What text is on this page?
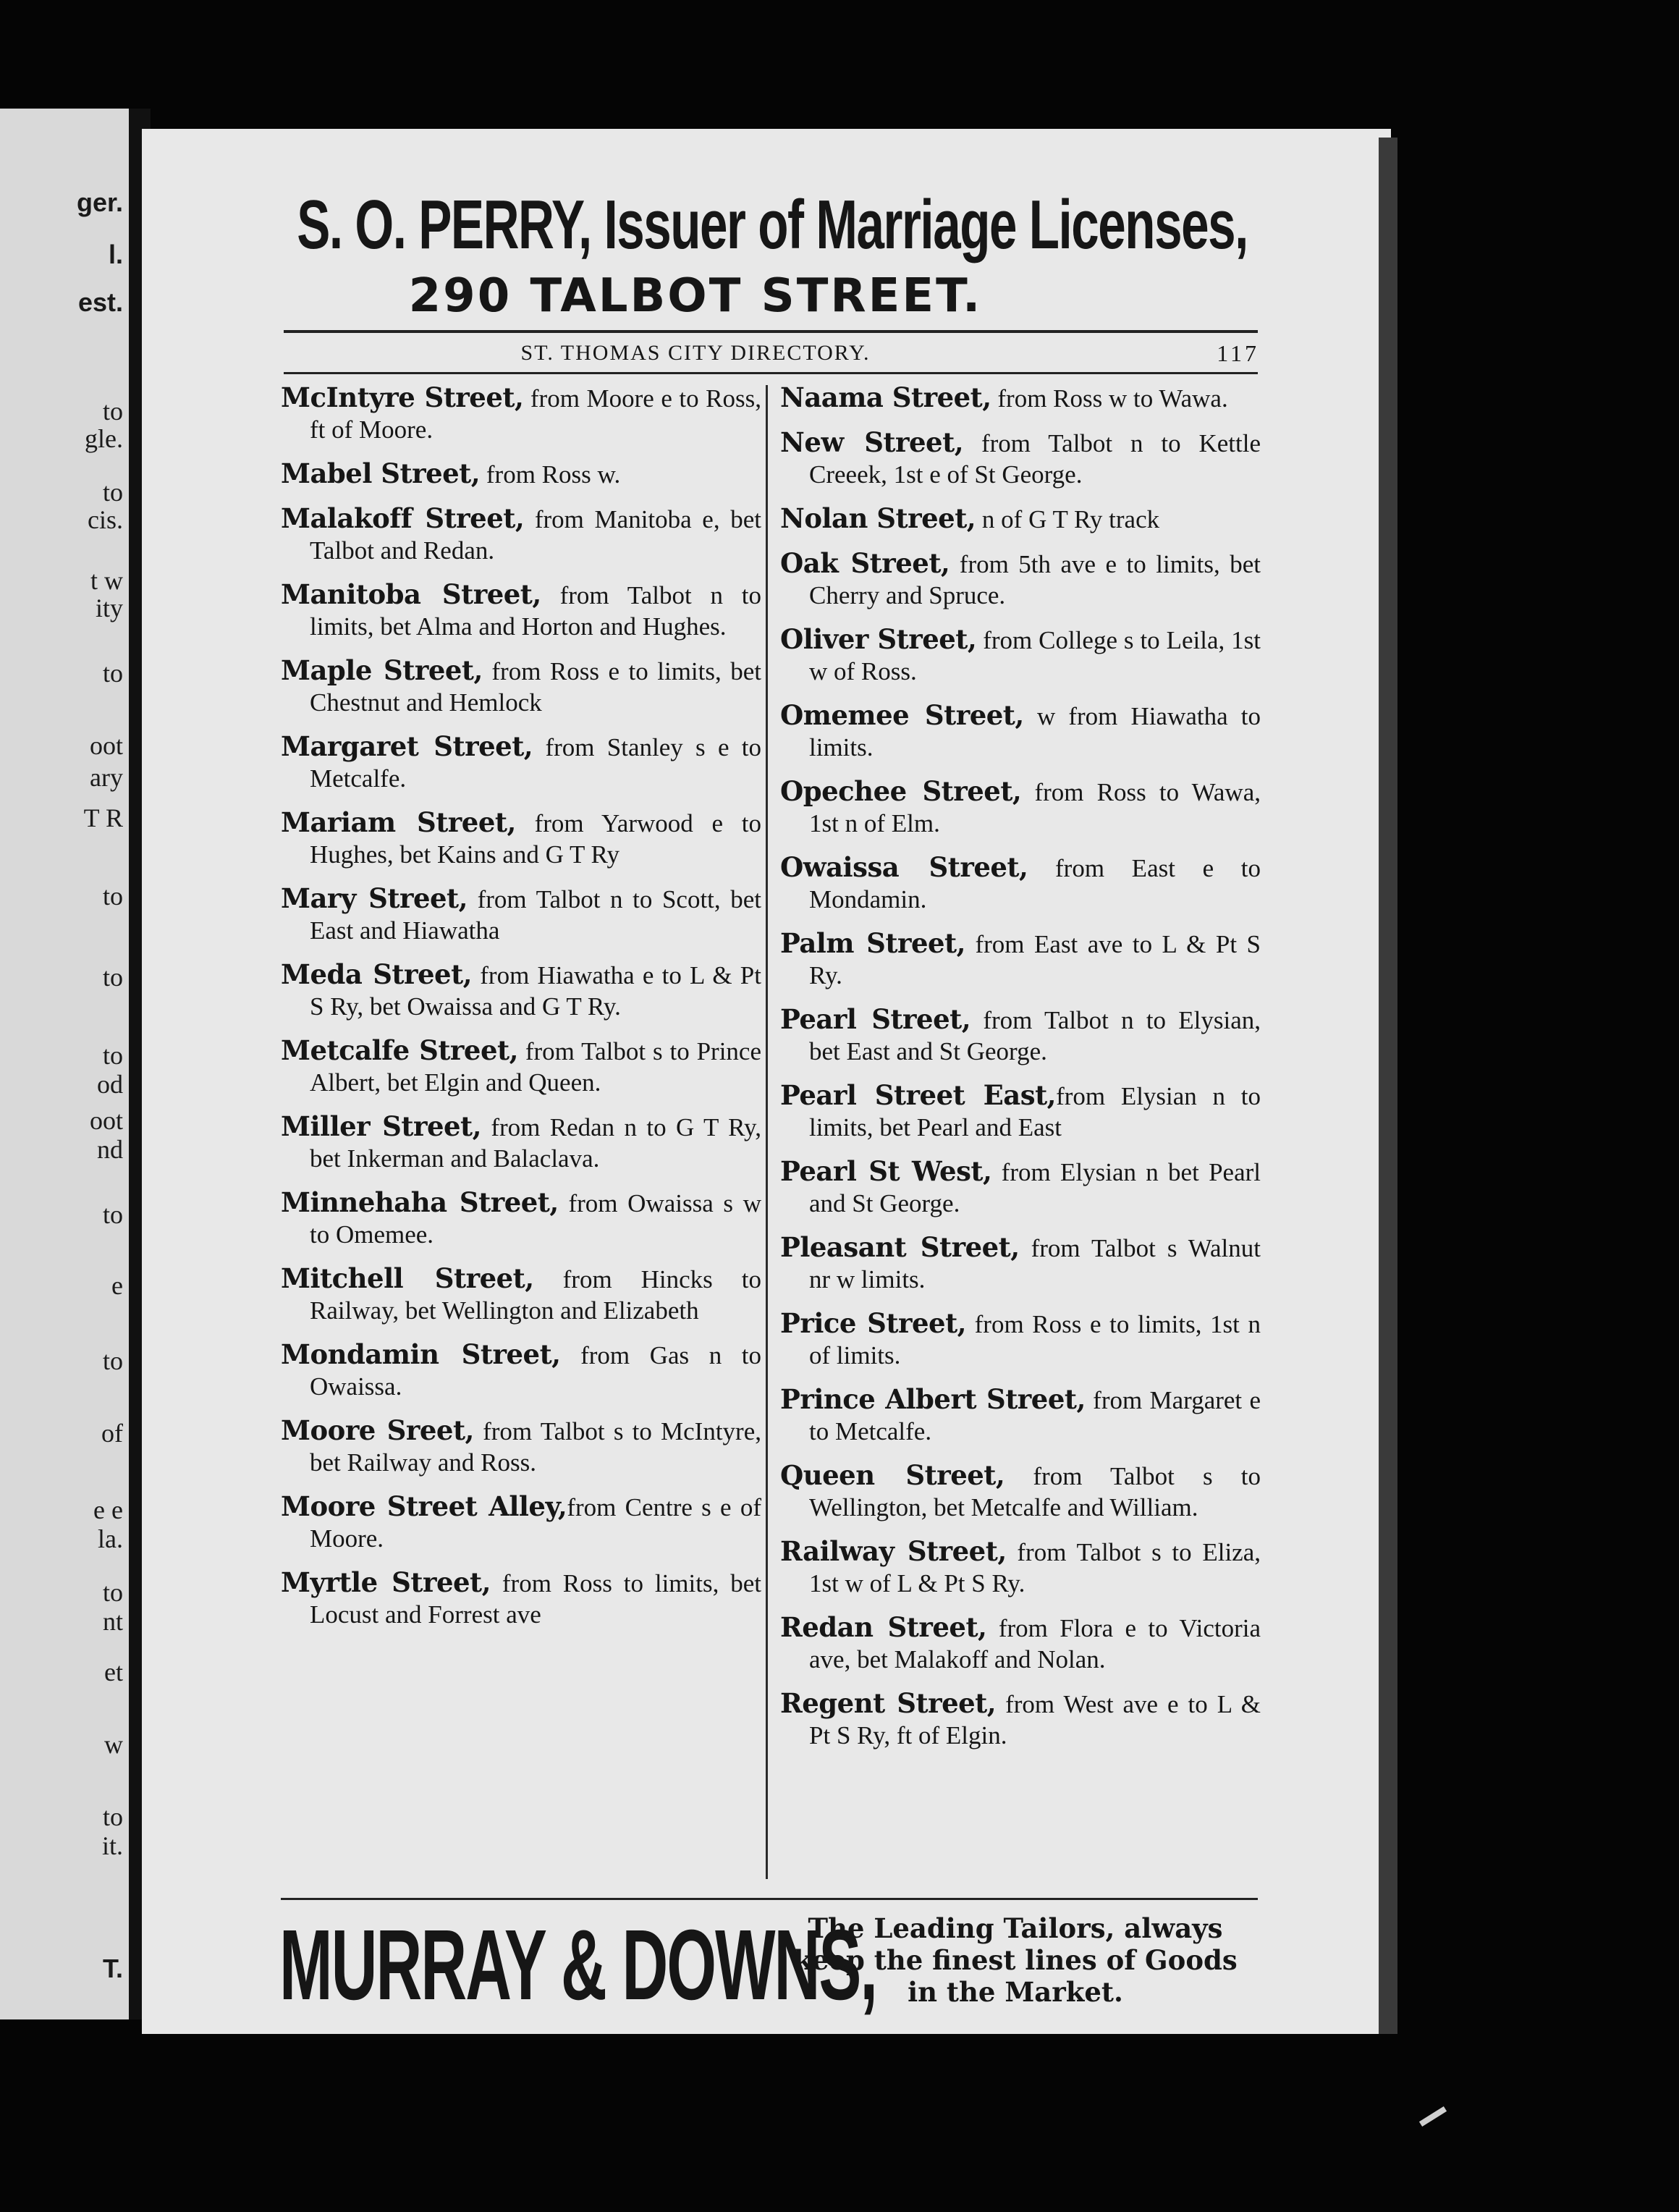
ger.
l.
est.
to
gle.
to
cis.
t w
ity
to
oot
ary
T R
to
to
to
od
oot
nd
to
e
to
of
e e
la.
to
nt
et
w
to
it.
T.
S. O. PERRY, Issuer of Marriage Licenses,
290 TALBOT STREET.
ST. THOMAS CITY DIRECTORY.	117
McIntyre Street, from Moore e to Ross, ft of Moore.
Mabel Street, from Ross w.
Malakoff Street, from Manitoba e, bet Talbot and Redan.
Manitoba Street, from Talbot n to limits, bet Alma and Horton and Hughes.
Maple Street, from Ross e to limits, bet Chestnut and Hemlock
Margaret Street, from Stanley s e to Metcalfe.
Mariam Street, from Yarwood e to Hughes, bet Kains and G T Ry
Mary Street, from Talbot n to Scott, bet East and Hiawatha
Meda Street, from Hiawatha e to L & Pt S Ry, bet Owaissa and G T Ry.
Metcalfe Street, from Talbot s to Prince Albert, bet Elgin and Queen.
Miller Street, from Redan n to G T Ry, bet Inkerman and Balaclava.
Minnehaha Street, from Owaissa s w to Omemee.
Mitchell Street, from Hincks to Railway, bet Wellington and Elizabeth
Mondamin Street, from Gas n to Owaissa.
Moore Sreet, from Talbot s to McIntyre, bet Railway and Ross.
Moore Street Alley,from Centre s e of Moore.
Myrtle Street, from Ross to limits, bet Locust and Forrest ave
Naama Street, from Ross w to Wawa.
New Street, from Talbot n to Kettle Creeek, 1st e of St George.
Nolan Street, n of G T Ry track
Oak Street, from 5th ave e to limits, bet Cherry and Spruce.
Oliver Street, from College s to Leila, 1st w of Ross.
Omemee Street, w from Hiawatha to limits.
Opechee Street, from Ross to Wawa, 1st n of Elm.
Owaissa Street, from East e to Mondamin.
Palm Street, from East ave to L & Pt S Ry.
Pearl Street, from Talbot n to Elysian, bet East and St George.
Pearl Street East,from Elysian n to limits, bet Pearl and East
Pearl St West, from Elysian n bet Pearl and St George.
Pleasant Street, from Talbot s Walnut nr w limits.
Price Street, from Ross e to limits, 1st n of limits.
Prince Albert Street, from Margaret e to Metcalfe.
Queen Street, from Talbot s to Wellington, bet Metcalfe and William.
Railway Street, from Talbot s to Eliza, 1st w of L & Pt S Ry.
Redan Street, from Flora e to Victoria ave, bet Malakoff and Nolan.
Regent Street, from West ave e to L & Pt S Ry, ft of Elgin.
MURRAY & DOWNS,
The Leading Tailors, always keep the finest lines of Goods in the Market.
